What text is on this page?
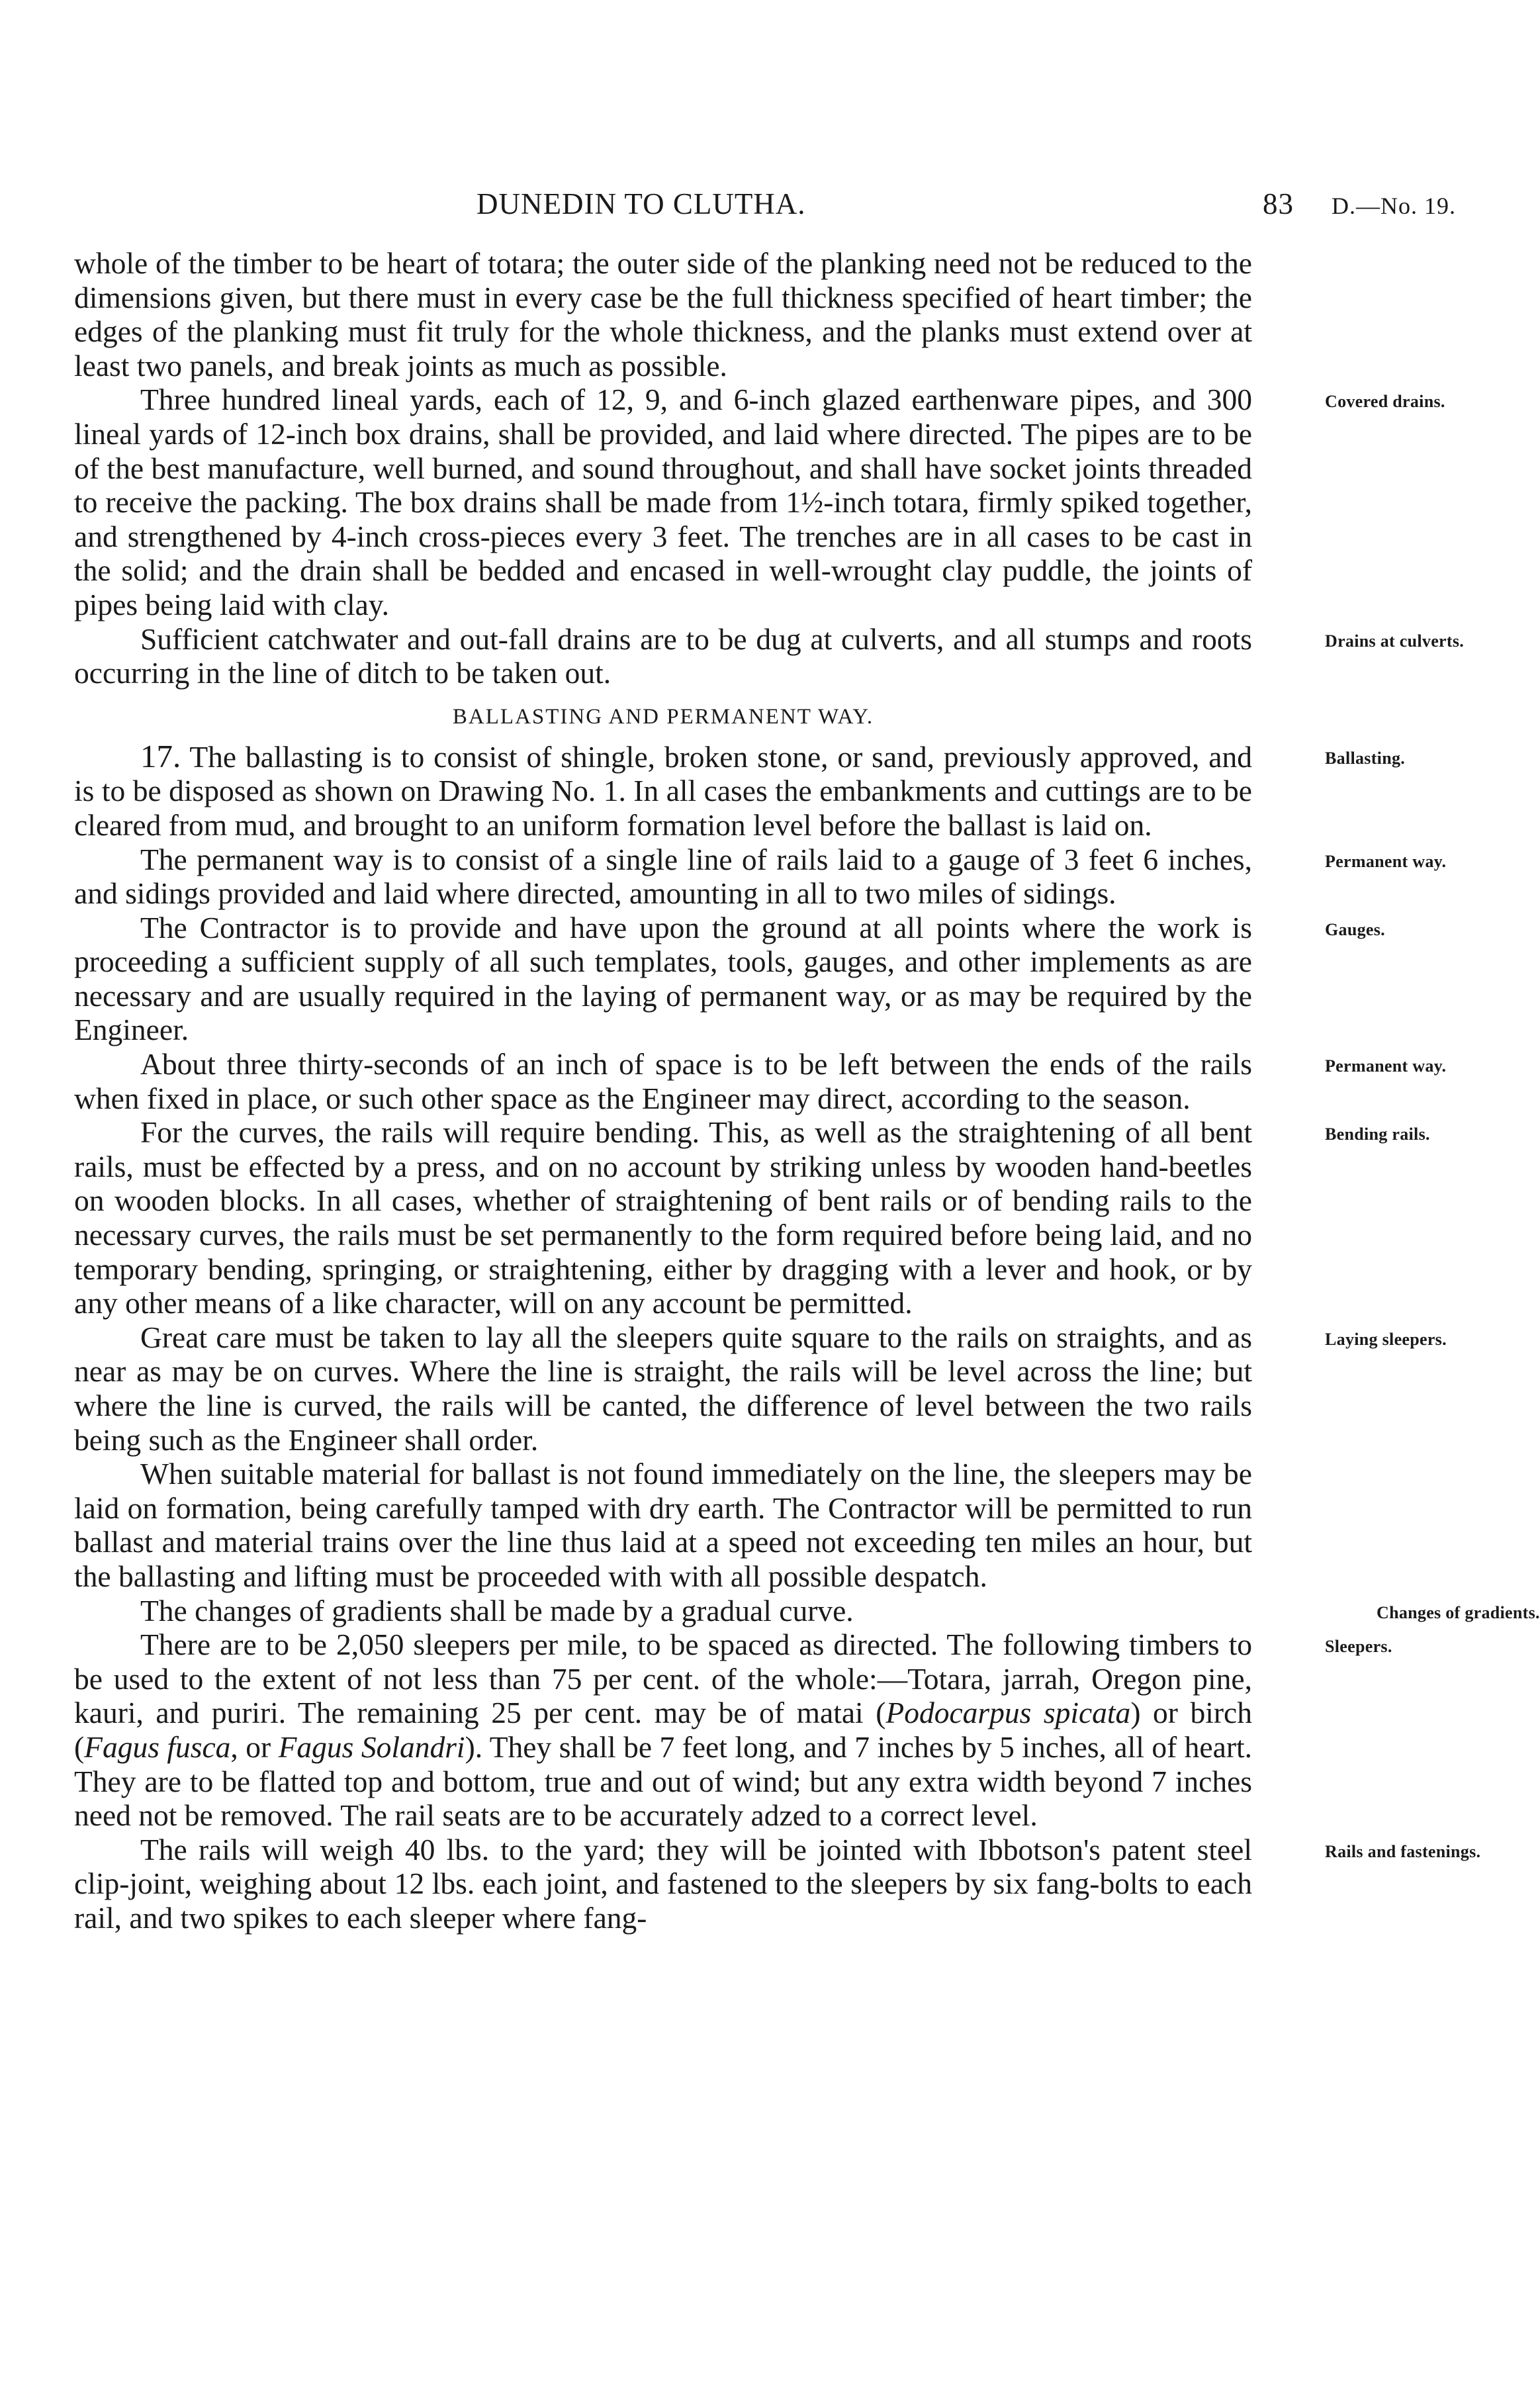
DUNEDIN TO CLUTHA.	83 D.—No. 19.

whole of the timber to be heart of totara; the outer side of the planking need not be reduced to the dimensions given, but there must in every case be the full thickness specified of heart timber; the edges of the planking must fit truly for the whole thickness, and the planks must extend over at least two panels, and break joints as much as possible.

Three hundred lineal yards, each of 12, 9, and 6-inch glazed earthenware pipes, and 300 lineal yards of 12-inch box drains, shall be provided, and laid where directed. The pipes are to be of the best manufacture, well burned, and sound throughout, and shall have socket joints threaded to receive the packing. The box drains shall be made from 1½-inch totara, firmly spiked together, and strengthened by 4-inch cross-pieces every 3 feet. The trenches are in all cases to be cast in the solid; and the drain shall be bedded and encased in well-wrought clay puddle, the joints of pipes being laid with clay.
Covered drains.

Sufficient catchwater and out-fall drains are to be dug at culverts, and all stumps and roots occurring in the line of ditch to be taken out.
Drains at culverts.

BALLASTING AND PERMANENT WAY.

17. The ballasting is to consist of shingle, broken stone, or sand, previously approved, and is to be disposed as shown on Drawing No. 1. In all cases the embankments and cuttings are to be cleared from mud, and brought to an uniform formation level before the ballast is laid on.
Ballasting.

The permanent way is to consist of a single line of rails laid to a gauge of 3 feet 6 inches, and sidings provided and laid where directed, amounting in all to two miles of sidings.
Permanent way.

The Contractor is to provide and have upon the ground at all points where the work is proceeding a sufficient supply of all such templates, tools, gauges, and other implements as are necessary and are usually required in the laying of permanent way, or as may be required by the Engineer.
Gauges.

About three thirty-seconds of an inch of space is to be left between the ends of the rails when fixed in place, or such other space as the Engineer may direct, according to the season.
Permanent way.

For the curves, the rails will require bending. This, as well as the straightening of all bent rails, must be effected by a press, and on no account by striking unless by wooden hand-beetles on wooden blocks. In all cases, whether of straightening of bent rails or of bending rails to the necessary curves, the rails must be set permanently to the form required before being laid, and no temporary bending, springing, or straightening, either by dragging with a lever and hook, or by any other means of a like character, will on any account be permitted.
Bending rails.

Great care must be taken to lay all the sleepers quite square to the rails on straights, and as near as may be on curves. Where the line is straight, the rails will be level across the line; but where the line is curved, the rails will be canted, the difference of level between the two rails being such as the Engineer shall order.
Laying sleepers.

When suitable material for ballast is not found immediately on the line, the sleepers may be laid on formation, being carefully tamped with dry earth. The Contractor will be permitted to run ballast and material trains over the line thus laid at a speed not exceeding ten miles an hour, but the ballasting and lifting must be proceeded with with all possible despatch.

The changes of gradients shall be made by a gradual curve.	Changes of gradients.

There are to be 2,050 sleepers per mile, to be spaced as directed. The following timbers to be used to the extent of not less than 75 per cent. of the whole:—Totara, jarrah, Oregon pine, kauri, and puriri. The remaining 25 per cent. may be of matai (Podocarpus spicata) or birch (Fagus fusca, or Fagus Solandri). They shall be 7 feet long, and 7 inches by 5 inches, all of heart. They are to be flatted top and bottom, true and out of wind; but any extra width beyond 7 inches need not be removed. The rail seats are to be accurately adzed to a correct level.
Sleepers.

The rails will weigh 40 lbs. to the yard; they will be jointed with Ibbotson's patent steel clip-joint, weighing about 12 lbs. each joint, and fastened to the sleepers by six fang-bolts to each rail, and two spikes to each sleeper where fang-
Rails and fastenings.
